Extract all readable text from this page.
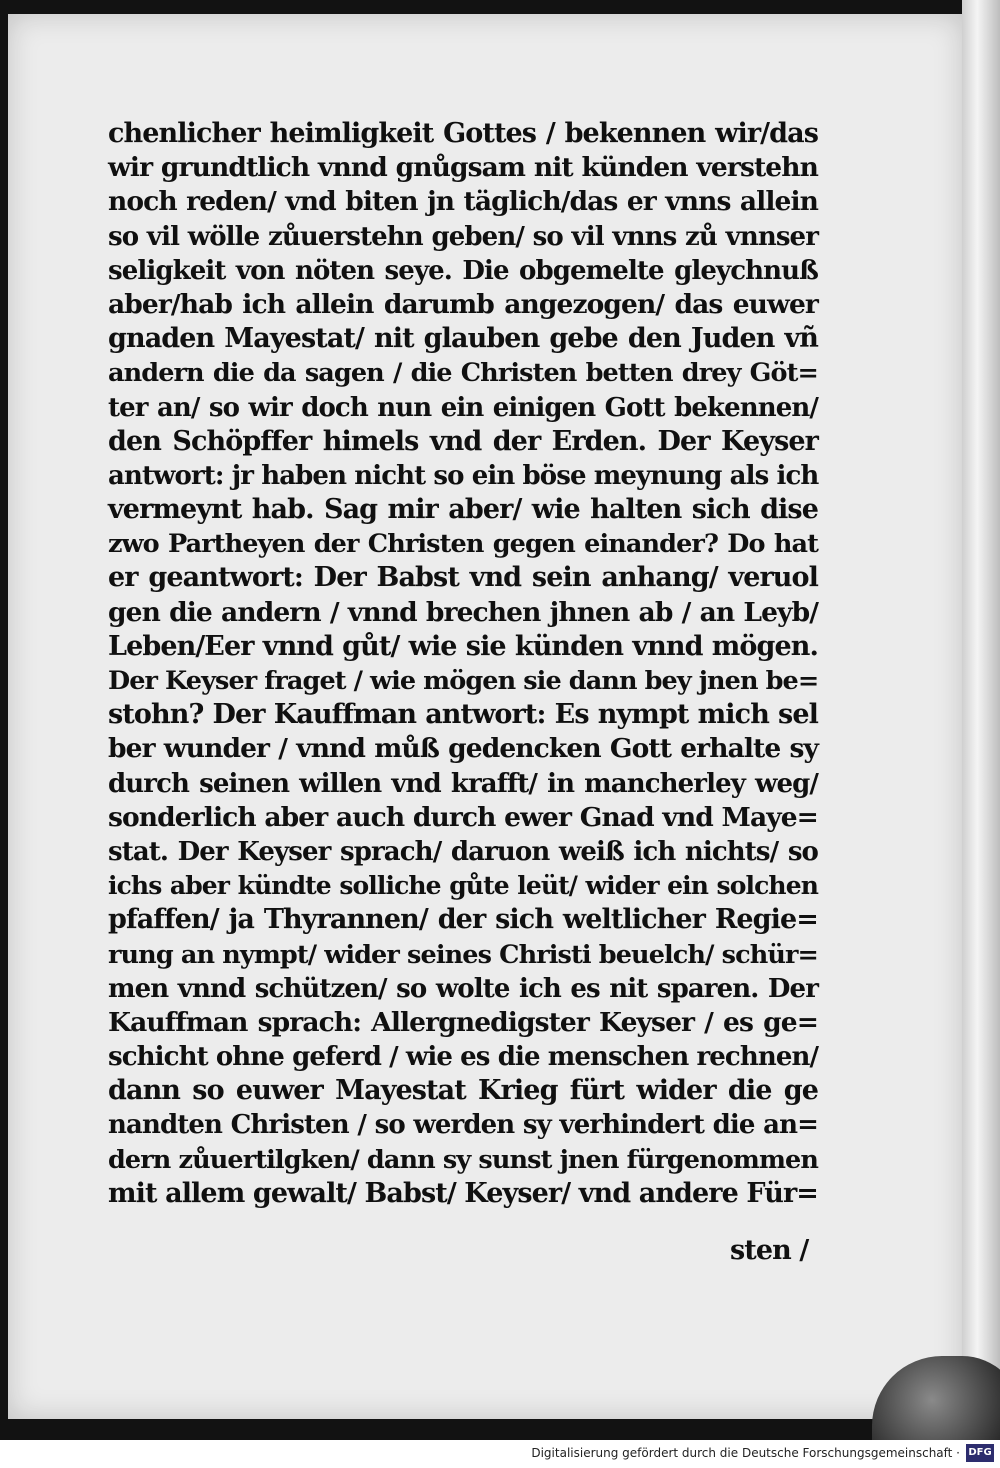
chenlicher heimligkeit Gottes / bekennen wir/das
wir grundtlich vnnd gnůgsam nit künden verstehn
noch reden/ vnd biten jn täglich/das er vnns allein
so vil wölle zůuerstehn geben/ so vil vnns zů vnnser
seligkeit von nöten seye. Die obgemelte gleychnuß
aber/hab ich allein darumb angezogen/ das euwer
gnaden Mayestat/ nit glauben gebe den Juden vñ
andern die da sagen / die Christen betten drey Göt=
ter an/ so wir doch nun ein einigen Gott bekennen/
den Schöpffer himels vnd der Erden. Der Keyser
antwort: jr haben nicht so ein böse meynung als ich
vermeynt hab. Sag mir aber/ wie halten sich dise
zwo Partheyen der Christen gegen einander? Do hat
er geantwort: Der Babst vnd sein anhang/ veruol
gen die andern / vnnd brechen jhnen ab / an Leyb/
Leben/Eer vnnd gůt/ wie sie künden vnnd mögen.
Der Keyser fraget / wie mögen sie dann bey jnen be=
stohn? Der Kauffman antwort: Es nympt mich sel
ber wunder / vnnd můß gedencken Gott erhalte sy
durch seinen willen vnd krafft/ in mancherley weg/
sonderlich aber auch durch ewer Gnad vnd Maye=
stat. Der Keyser sprach/ daruon weiß ich nichts/ so
ichs aber kündte solliche gůte leüt/ wider ein solchen
pfaffen/ ja Thyrannen/ der sich weltlicher Regie=
rung an nympt/ wider seines Christi beuelch/ schür=
men vnnd schützen/ so wolte ich es nit sparen. Der
Kauffman sprach: Allergnedigster Keyser / es ge=
schicht ohne geferd / wie es die menschen rechnen/
dann so euwer Mayestat Krieg fürt wider die ge
nandten Christen / so werden sy verhindert die an=
dern zůuertilgken/ dann sy sunst jnen fürgenommen
mit allem gewalt/ Babst/ Keyser/ vnd andere Für=
sten /
Digitalisierung gefördert durch die Deutsche Forschungsgemeinschaft · DFG
